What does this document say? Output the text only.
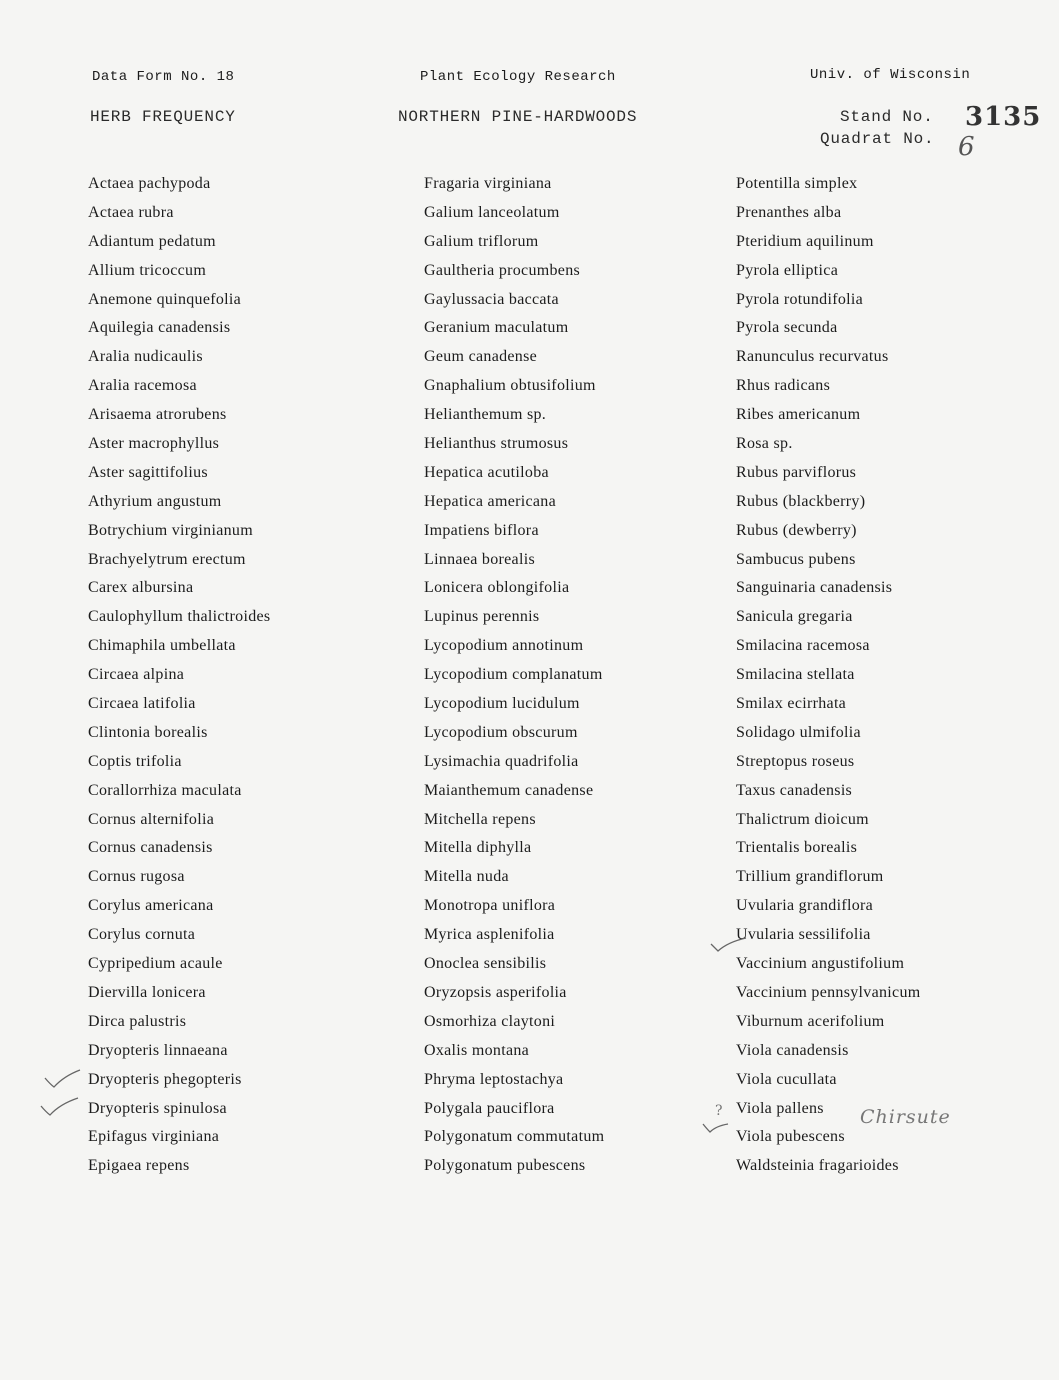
Data Form No. 18	Plant Ecology Research	Univ. of Wisconsin
HERB FREQUENCY	NORTHERN PINE-HARDWOODS	Stand No.
Quadrat No.
3135
6
Actaea pachypoda
Actaea rubra
Adiantum pedatum
Allium tricoccum
Anemone quinquefolia
Aquilegia canadensis
Aralia nudicaulis
Aralia racemosa
Arisaema atrorubens
Aster macrophyllus
Aster sagittifolius
Athyrium angustum
Botrychium virginianum
Brachyelytrum erectum
Carex albursina
Caulophyllum thalictroides
Chimaphila umbellata
Circaea alpina
Circaea latifolia
Clintonia borealis
Coptis trifolia
Corallorrhiza maculata
Cornus alternifolia
Cornus canadensis
Cornus rugosa
Corylus americana
Corylus cornuta
Cypripedium acaule
Diervilla lonicera
Dirca palustris
Dryopteris linnaeana
Dryopteris phegopteris
Dryopteris spinulosa
Epifagus virginiana
Epigaea repens
Fragaria virginiana
Galium lanceolatum
Galium triflorum
Gaultheria procumbens
Gaylussacia baccata
Geranium maculatum
Geum canadense
Gnaphalium obtusifolium
Helianthemum sp.
Helianthus strumosus
Hepatica acutiloba
Hepatica americana
Impatiens biflora
Linnaea borealis
Lonicera oblongifolia
Lupinus perennis
Lycopodium annotinum
Lycopodium complanatum
Lycopodium lucidulum
Lycopodium obscurum
Lysimachia quadrifolia
Maianthemum canadense
Mitchella repens
Mitella diphylla
Mitella nuda
Monotropa uniflora
Myrica asplenifolia
Onoclea sensibilis
Oryzopsis asperifolia
Osmorhiza claytoni
Oxalis montana
Phryma leptostachya
Polygala pauciflora
Polygonatum commutatum
Polygonatum pubescens
Potentilla simplex
Prenanthes alba
Pteridium aquilinum
Pyrola elliptica
Pyrola rotundifolia
Pyrola secunda
Ranunculus recurvatus
Rhus radicans
Ribes americanum
Rosa sp.
Rubus parviflorus
Rubus (blackberry)
Rubus (dewberry)
Sambucus pubens
Sanguinaria canadensis
Sanicula gregaria
Smilacina racemosa
Smilacina stellata
Smilax ecirrhata
Solidago ulmifolia
Streptopus roseus
Taxus canadensis
Thalictrum dioicum
Trientalis borealis
Trillium grandiflorum
Uvularia grandiflora
Uvularia sessilifolia
Vaccinium angustifolium
Vaccinium pennsylvanicum
Viburnum acerifolium
Viola canadensis
Viola cucullata
Viola pallens
Viola pubescens
Waldsteinia fragarioides
?	Chirsute
